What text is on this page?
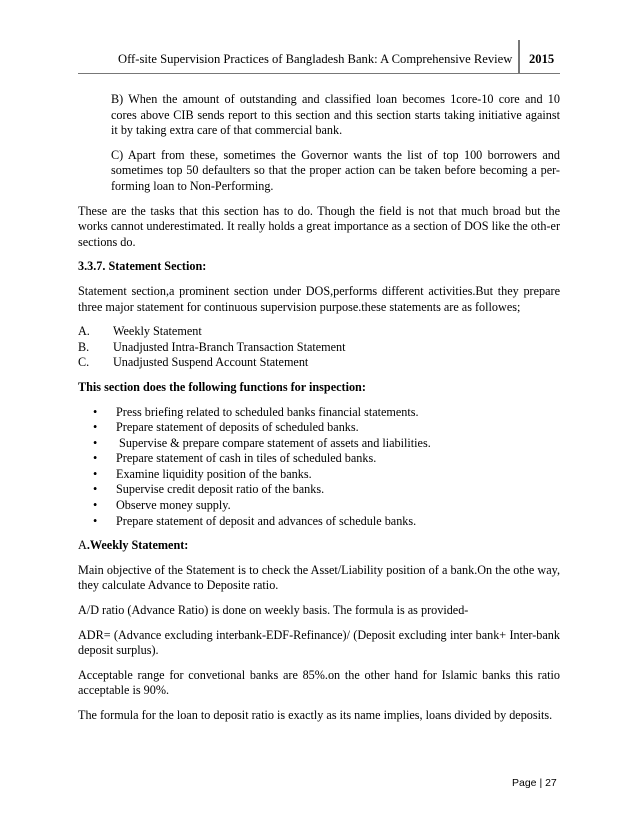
Off-site Supervision Practices of Bangladesh Bank: A Comprehensive Review 2015

B) When the amount of outstanding and classified loan becomes 1core-10 core and 10 cores above CIB sends report to this section and this section starts taking initiative against it by taking extra care of that commercial bank.

C) Apart from these, sometimes the Governor wants the list of top 100 borrowers and sometimes top 50 defaulters so that the proper action can be taken before becoming a per-forming loan to Non-Performing.

These are the tasks that this section has to do. Though the field is not that much broad but the works cannot underestimated. It really holds a great importance as a section of DOS like the oth-er sections do.

3.3.7. Statement Section:

Statement section,a prominent section under DOS,performs different activities.But they prepare three major statement for continuous supervision purpose.these statements are as followes;

A. Weekly Statement
B. Unadjusted Intra-Branch Transaction Statement
C. Unadjusted Suspend Account Statement

This section does the following functions for inspection:

• Press briefing related to scheduled banks financial statements.
• Prepare statement of deposits of scheduled banks.
• Supervise & prepare compare statement of assets and liabilities.
• Prepare statement of cash in tiles of scheduled banks.
• Examine liquidity position of the banks.
• Supervise credit deposit ratio of the banks.
• Observe money supply.
• Prepare statement of deposit and advances of schedule banks.

A.Weekly Statement:

Main objective of the Statement is to check the Asset/Liability position of a bank.On the othe way, they calculate Advance to Deposite ratio.

A/D ratio (Advance Ratio) is done on weekly basis. The formula is as provided-

ADR= (Advance excluding interbank-EDF-Refinance)/ (Deposit excluding inter bank+ Inter-bank deposit surplus).

Acceptable range for convetional banks are 85%.on the other hand for Islamic banks this ratio acceptable is 90%.

The formula for the loan to deposit ratio is exactly as its name implies, loans divided by deposits.

Page | 27
